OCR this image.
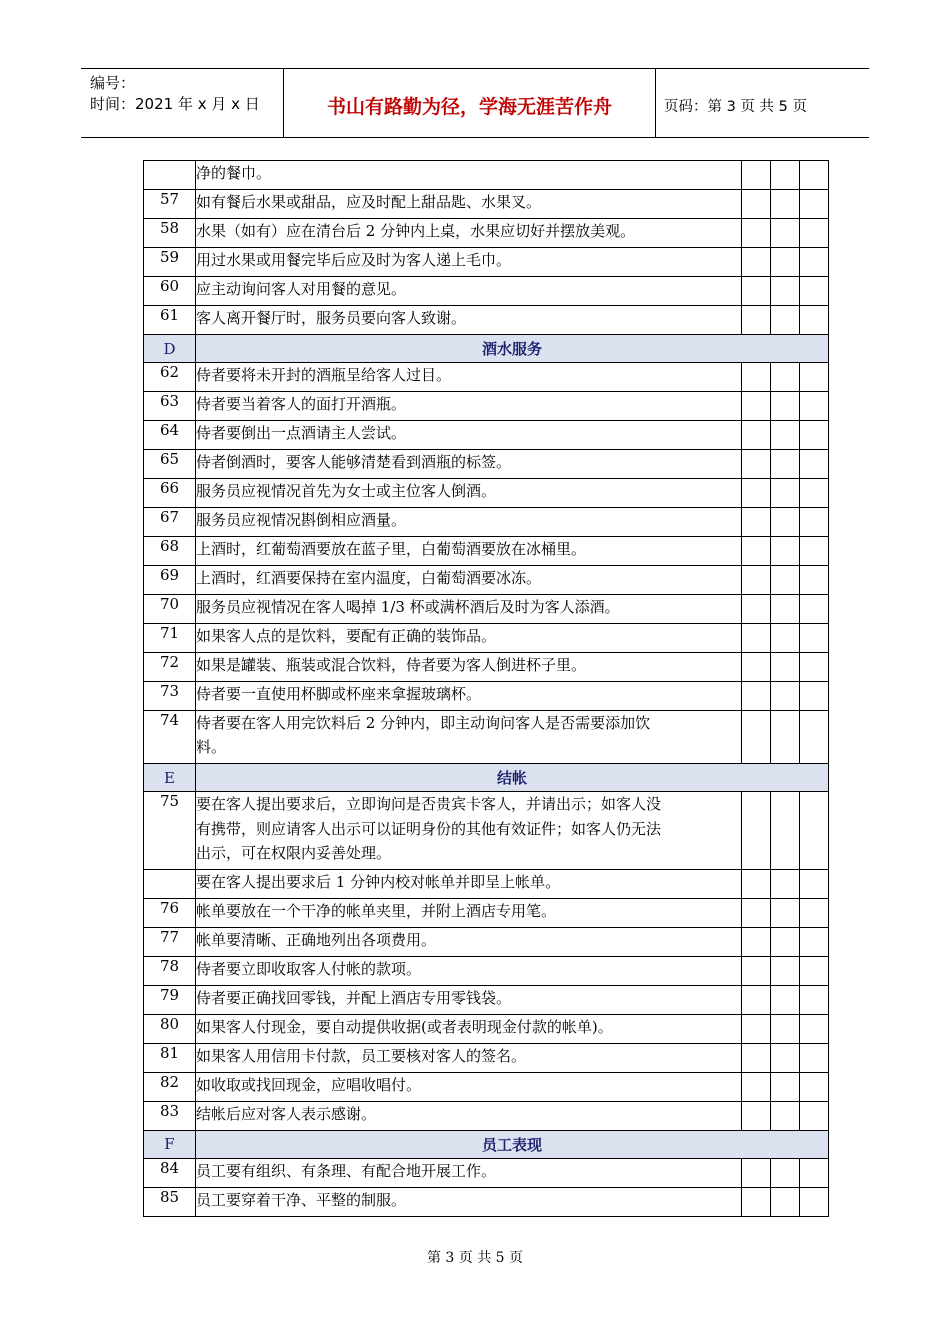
编号：
时间：2021 年 x 月 x 日	书山有路勤为径，学海无涯苦作舟	页码：第 3 页 共 5 页

	净的餐巾。			

57	如有餐后水果或甜品，应及时配上甜品匙、水果叉。			

58	水果（如有）应在清台后 2 分钟内上桌，水果应切好并摆放美观。			

59	用过水果或用餐完毕后应及时为客人递上毛巾。			

60	应主动询问客人对用餐的意见。			

61	客人离开餐厅时，服务员要向客人致谢。			

D	酒水服务			
62	侍者要将未开封的酒瓶呈给客人过目。			

63	侍者要当着客人的面打开酒瓶。			

64	侍者要倒出一点酒请主人尝试。			

65	侍者倒酒时，要客人能够清楚看到酒瓶的标签。			

66	服务员应视情况首先为女士或主位客人倒酒。			

67	服务员应视情况斟倒相应酒量。			

68	上酒时，红葡萄酒要放在蓝子里，白葡萄酒要放在冰桶里。			

69	上酒时，红酒要保持在室内温度，白葡萄酒要冰冻。			

70	服务员应视情况在客人喝掉 1/3 杯或满杯酒后及时为客人添酒。			

71	如果客人点的是饮料，要配有正确的装饰品。			

72	如果是罐装、瓶装或混合饮料，侍者要为客人倒进杯子里。			

73	侍者要一直使用杯脚或杯座来拿握玻璃杯。			

74	侍者要在客人用完饮料后 2 分钟内，即主动询问客人是否需要添加饮
料。			

E	结帐			
75	要在客人提出要求后，立即询问是否贵宾卡客人，并请出示；如客人没
有携带，则应请客人出示可以证明身份的其他有效证件；如客人仍无法
出示，可在权限内妥善处理。			

	要在客人提出要求后 1 分钟内校对帐单并即呈上帐单。			

76	帐单要放在一个干净的帐单夹里，并附上酒店专用笔。			

77	帐单要清晰、正确地列出各项费用。			

78	侍者要立即收取客人付帐的款项。			

79	侍者要正确找回零钱，并配上酒店专用零钱袋。			

80	如果客人付现金，要自动提供收据(或者表明现金付款的帐单)。			

81	如果客人用信用卡付款，员工要核对客人的签名。			

82	如收取或找回现金，应唱收唱付。			

83	结帐后应对客人表示感谢。			

F	员工表现			
84	员工要有组织、有条理、有配合地开展工作。			

85	员工要穿着干净、平整的制服。			

第 3 页 共 5 页
